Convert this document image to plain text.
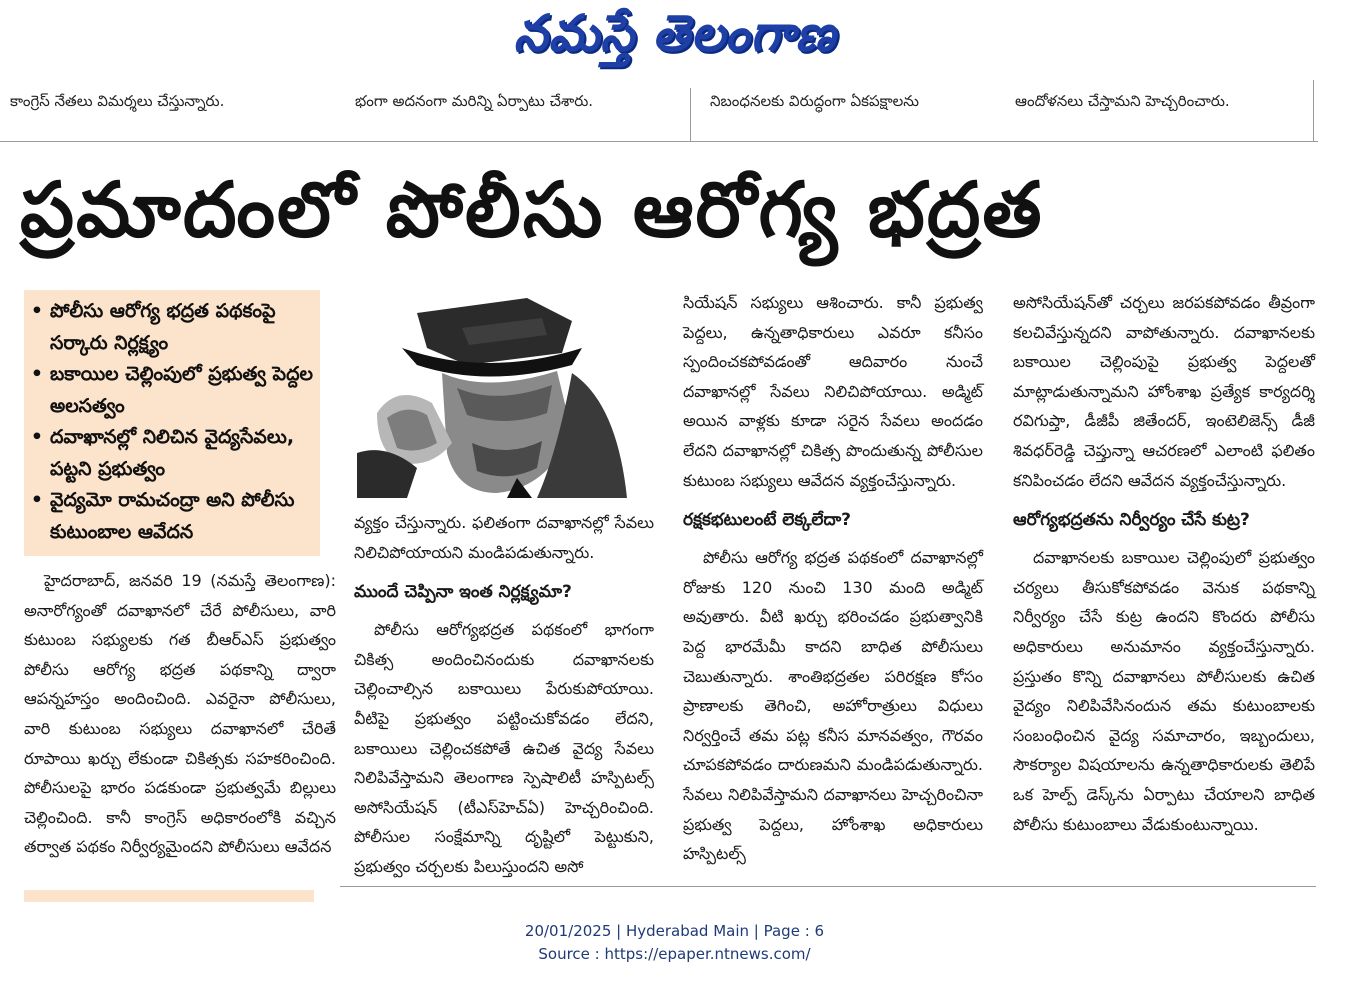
నమస్తే తెలంగాణ
కాంగ్రెస్ నేతలు విమర్శలు చేస్తున్నారు.	భంగా అదనంగా మరిన్ని ఏర్పాటు చేశారు.	నిబంధనలకు విరుద్ధంగా ఏకపక్షాలను	ఆందోళనలు చేస్తామని హెచ్చరించారు.
ప్రమాదంలో పోలీసు ఆరోగ్య భద్రత
• పోలీసు ఆరోగ్య భద్రత పథకంపై సర్కారు నిర్లక్ష్యం
• బకాయిల చెల్లింపులో ప్రభుత్వ పెద్దల అలసత్వం
• దవాఖానల్లో నిలిచిన వైద్యసేవలు, పట్టని ప్రభుత్వం
• వైద్యమో రామచంద్రా అని పోలీసు కుటుంబాల ఆవేదన

హైదరాబాద్, జనవరి 19 (నమస్తే తెలంగాణ): అనారోగ్యంతో దవాఖానలో చేరే పోలీసులు, వారి కుటుంబ సభ్యులకు గత బీఆర్ఎస్ ప్రభుత్వం పోలీసు ఆరోగ్య భద్రత పథకాన్ని ద్వారా ఆపన్నహస్తం అందించింది. ఎవరైనా పోలీసులు, వారి కుటుంబ సభ్యులు దవాఖానలో చేరితే రూపాయి ఖర్చు లేకుండా చికిత్సకు సహకరించింది. పోలీసులపై భారం పడకుండా ప్రభుత్వమే బిల్లులు చెల్లించింది. కానీ కాంగ్రెస్ అధికారంలోకి వచ్చిన తర్వాత పథకం నిర్వీర్యమైందని పోలీసులు ఆవేదన

వ్యక్తం చేస్తున్నారు. ఫలితంగా దవాఖానల్లో సేవలు నిలిచిపోయాయని మండిపడుతున్నారు.

ముందే చెప్పినా ఇంత నిర్లక్ష్యమా?

పోలీసు ఆరోగ్యభద్రత పథకంలో భాగంగా చికిత్స అందించినందుకు దవాఖానలకు చెల్లించాల్సిన బకాయిలు పేరుకుపోయాయి. వీటిపై ప్రభుత్వం పట్టించుకోవడం లేదని, బకాయిలు చెల్లించకపోతే ఉచిత వైద్య సేవలు నిలిపివేస్తామని తెలంగాణ స్పెషాలిటీ హస్పిటల్స్ అసోసియేషన్ (టీఎస్‌హెచ్‌ఏ) హెచ్చరించింది. పోలీసుల సంక్షేమాన్ని దృష్టిలో పెట్టుకుని, ప్రభుత్వం చర్చలకు పిలుస్తుందని అసో

సియేషన్ సభ్యులు ఆశించారు. కానీ ప్రభుత్వ పెద్దలు, ఉన్నతాధికారులు ఎవరూ కనీసం స్పందించకపోవడంతో ఆదివారం నుంచే దవాఖానల్లో సేవలు నిలిచిపోయాయి. అడ్మిట్ అయిన వాళ్లకు కూడా సరైన సేవలు అందడం లేదని దవాఖానల్లో చికిత్స పొందుతున్న పోలీసుల కుటుంబ సభ్యులు ఆవేదన వ్యక్తంచేస్తున్నారు.

రక్షకభటులంటే లెక్కలేదా?

పోలీసు ఆరోగ్య భద్రత పథకంలో దవాఖానల్లో రోజుకు 120 నుంచి 130 మంది అడ్మిట్ అవుతారు. వీటి ఖర్చు భరించడం ప్రభుత్వానికి పెద్ద భారమేమీ కాదని బాధిత పోలీసులు చెబుతున్నారు. శాంతిభద్రతల పరిరక్షణ కోసం ప్రాణాలకు తెగించి, అహోరాత్రులు విధులు నిర్వర్తించే తమ పట్ల కనీస మానవత్వం, గౌరవం చూపకపోవడం దారుణమని మండిపడుతున్నారు. సేవలు నిలిపివేస్తామని దవాఖానలు హెచ్చరించినా ప్రభుత్వ పెద్దలు, హోంశాఖ అధికారులు హస్పిటల్స్

అసోసియేషన్‌తో చర్చలు జరపకపోవడం తీవ్రంగా కలచివేస్తున్నదని వాపోతున్నారు. దవాఖానలకు బకాయిల చెల్లింపుపై ప్రభుత్వ పెద్దలతో మాట్లాడుతున్నామని హోంశాఖ ప్రత్యేక కార్యదర్శి రవిగుప్తా, డీజీపీ జితేందర్, ఇంటెలిజెన్స్ డీజీ శివధర్‌రెడ్డి చెప్తున్నా ఆచరణలో ఎలాంటి ఫలితం కనిపించడం లేదని ఆవేదన వ్యక్తంచేస్తున్నారు.

ఆరోగ్యభద్రతను నిర్వీర్యం చేసే కుట్ర?

దవాఖానలకు బకాయిల చెల్లింపులో ప్రభుత్వం చర్యలు తీసుకోకపోవడం వెనుక పథకాన్ని నిర్వీర్యం చేసే కుట్ర ఉందని కొందరు పోలీసు అధికారులు అనుమానం వ్యక్తంచేస్తున్నారు. ప్రస్తుతం కొన్ని దవాఖానలు పోలీసులకు ఉచిత వైద్యం నిలిపివేసినందున తమ కుటుంబాలకు సంబంధించిన వైద్య సమాచారం, ఇబ్బందులు, సౌకర్యాల విషయాలను ఉన్నతాధికారులకు తెలిపే ఒక హెల్ప్ డెస్క్‌ను ఏర్పాటు చేయాలని బాధిత పోలీసు కుటుంబాలు వేడుకుంటున్నాయి.

20/01/2025 | Hyderabad Main | Page : 6
Source : https://epaper.ntnews.com/
